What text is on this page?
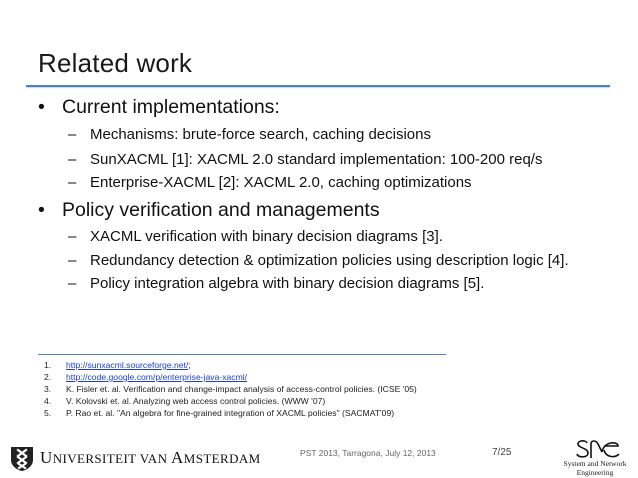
Related work
• Current implementations:
– Mechanisms: brute-force search, caching decisions
– SunXACML [1]: XACML 2.0 standard implementation: 100-200 req/s
– Enterprise-XACML [2]: XACML 2.0, caching optimizations
• Policy verification and managements
– XACML verification with binary decision diagrams [3].
– Redundancy detection & optimization policies using description logic [4].
– Policy integration algebra with binary decision diagrams [5].
1. http://sunxacml.sourceforge.net/;
2. http://code.google.com/p/enterprise-java-xacml/
3. K. Fisler et. al. Verification and change-impact analysis of access-control policies. (ICSE '05)
4. V. Kolovski et. al. Analyzing web access control policies. (WWW '07)
5. P. Rao et. al. "An algebra for fine-grained integration of XACML policies" (SACMAT'09)
UNIVERSITEIT VAN AMSTERDAM	PST 2013, Tarragona, July 12, 2013	7/25
System and Network
Engineering
